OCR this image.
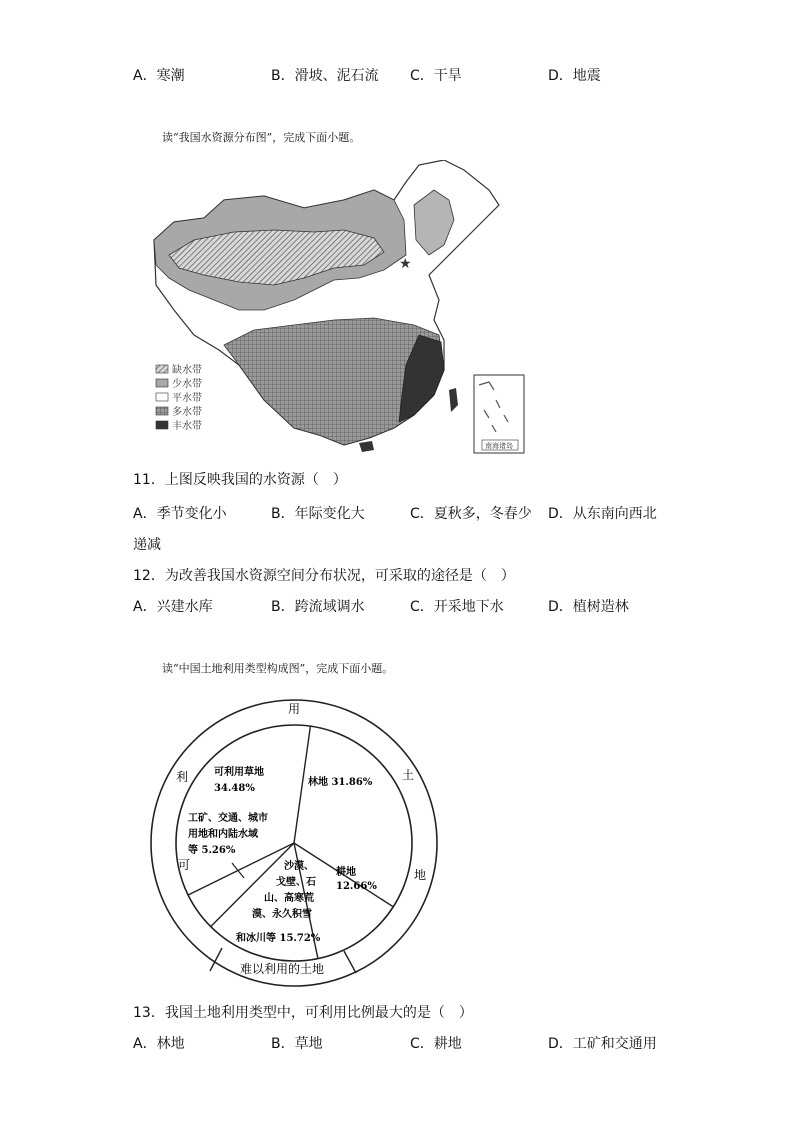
A．寒潮	B．滑坡、泥石流 C．干旱	D．地震
读“我国水资源分布图”，完成下面小题。
★
缺水带
少水带
平水带
多水带
丰水带
南海诸岛
11．上图反映我国的水资源（　）
A．季节变化小	B．年际变化大	C．夏秋多，冬春少 D．从东南向西北
递减
12．为改善我国水资源空间分布状况，可采取的途径是（　）
A．兴建水库	B．跨流域调水	C．开采地下水	D．植树造林
读“中国土地利用类型构成图”，完成下面小题。
可
利
用
土
地
难以利用的土地
林地 31.86%
耕地
12.66%
沙漠、
戈壁、石
山、高寒荒
漠、永久积雪
和冰川等 15.72%
工矿、交通、城市
用地和内陆水域
等 5.26%
可利用草地
34.48%
13．我国土地利用类型中，可利用比例最大的是（　）
A．林地	B．草地	C．耕地	D．工矿和交通用
